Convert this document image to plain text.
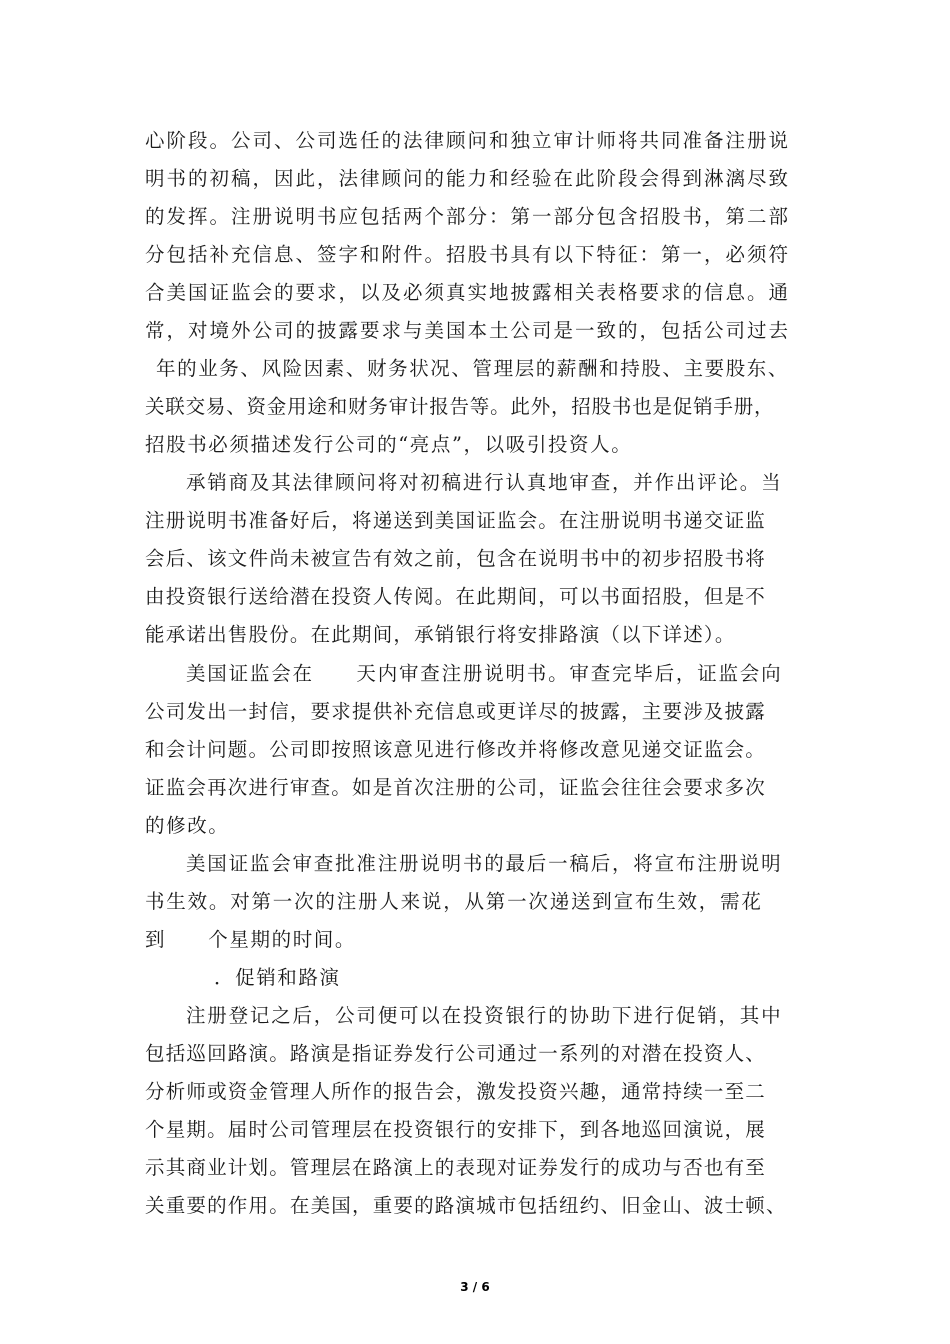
心阶段。公司、公司选任的法律顾问和独立审计师将共同准备注册说
明书的初稿，因此，法律顾问的能力和经验在此阶段会得到淋漓尽致
的发挥。注册说明书应包括两个部分：第一部分包含招股书，第二部
分包括补充信息、签字和附件。招股书具有以下特征：第一，必须符
合美国证监会的要求，以及必须真实地披露相关表格要求的信息。通
常，对境外公司的披露要求与美国本土公司是一致的，包括公司过去
年的业务、风险因素、财务状况、管理层的薪酬和持股、主要股东、
关联交易、资金用途和财务审计报告等。此外，招股书也是促销手册，
招股书必须描述发行公司的“亮点”，以吸引投资人。
承销商及其法律顾问将对初稿进行认真地审查，并作出评论。当
注册说明书准备好后，将递送到美国证监会。在注册说明书递交证监
会后、该文件尚未被宣告有效之前，包含在说明书中的初步招股书将
由投资银行送给潜在投资人传阅。在此期间，可以书面招股，但是不
能承诺出售股份。在此期间，承销银行将安排路演（以下详述）。
美国证监会在　　天内审查注册说明书。审查完毕后，证监会向
公司发出一封信，要求提供补充信息或更详尽的披露，主要涉及披露
和会计问题。公司即按照该意见进行修改并将修改意见递交证监会。
证监会再次进行审查。如是首次注册的公司，证监会往往会要求多次
的修改。
美国证监会审查批准注册说明书的最后一稿后，将宣布注册说明
书生效。对第一次的注册人来说，从第一次递送到宣布生效，需花
到　　个星期的时间。
．促销和路演
注册登记之后，公司便可以在投资银行的协助下进行促销，其中
包括巡回路演。路演是指证券发行公司通过一系列的对潜在投资人、
分析师或资金管理人所作的报告会，激发投资兴趣，通常持续一至二
个星期。届时公司管理层在投资银行的安排下，到各地巡回演说，展
示其商业计划。管理层在路演上的表现对证券发行的成功与否也有至
关重要的作用。在美国，重要的路演城市包括纽约、旧金山、波士顿、
3 / 6
